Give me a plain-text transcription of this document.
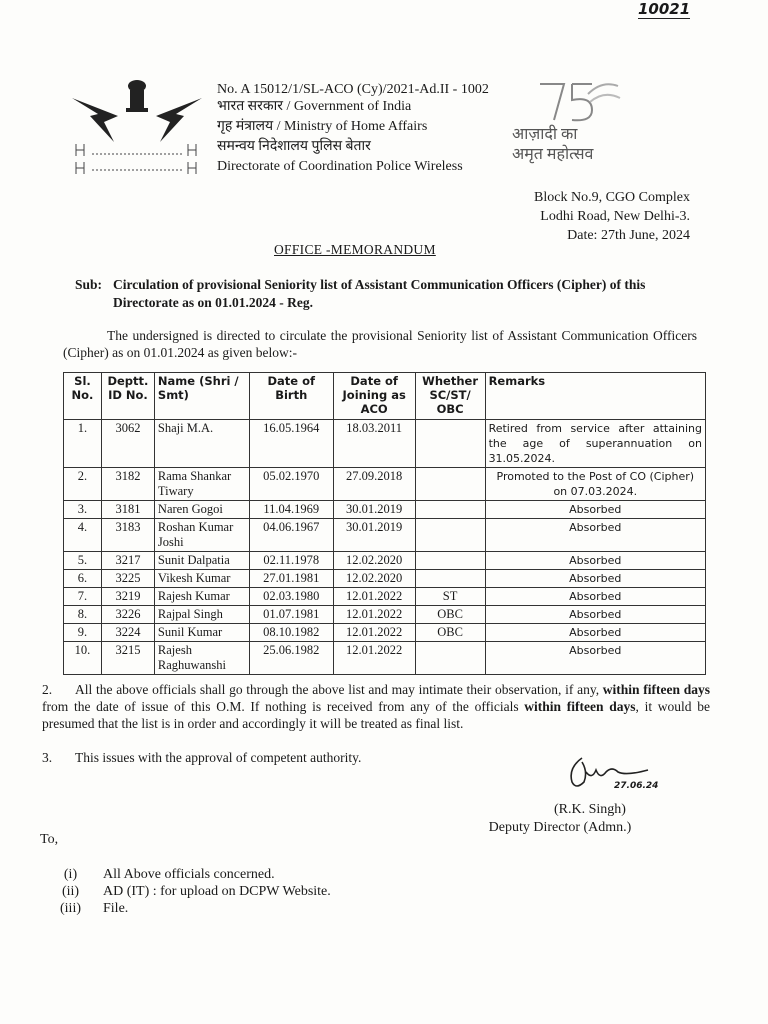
10021
No. A 15012/1/SL-ACO (Cy)/2021-Ad.II - 1002
भारत सरकार / Government of India
गृह मंत्रालय / Ministry of Home Affairs
समन्वय निदेशालय पुलिस बेतार
Directorate of Coordination Police Wireless
आज़ादी का
अमृत महोत्सव
Block No.9, CGO Complex
Lodhi Road, New Delhi-3.
Date: 27th June, 2024
OFFICE -MEMORANDUM
Sub: Circulation of provisional Seniority list of Assistant Communication Officers (Cipher) of this
Directorate as on 01.01.2024 - Reg.
The undersigned is directed to circulate the provisional Seniority list of Assistant Communication Officers (Cipher) as on 01.01.2024 as given below:-
Sl. No.	Deptt. ID No.	Name (Shri / Smt)	Date of Birth	Date of Joining as ACO	Whether SC/ST/ OBC	Remarks
1.	3062	Shaji M.A.	16.05.1964	18.03.2011		Retired from service after attaining the age of superannuation on 31.05.2024.
2.	3182	Rama Shankar Tiwary	05.02.1970	27.09.2018		Promoted to the Post of CO (Cipher) on 07.03.2024.
3.	3181	Naren Gogoi	11.04.1969	30.01.2019		Absorbed
4.	3183	Roshan Kumar Joshi	04.06.1967	30.01.2019		Absorbed
5.	3217	Sunit Dalpatia	02.11.1978	12.02.2020		Absorbed
6.	3225	Vikesh Kumar	27.01.1981	12.02.2020		Absorbed
7.	3219	Rajesh Kumar	02.03.1980	12.01.2022	ST	Absorbed
8.	3226	Rajpal Singh	01.07.1981	12.01.2022	OBC	Absorbed
9.	3224	Sunil Kumar	08.10.1982	12.01.2022	OBC	Absorbed
10.	3215	Rajesh Raghuwanshi	25.06.1982	12.01.2022		Absorbed
2. All the above officials shall go through the above list and may intimate their observation, if any, within fifteen days from the date of issue of this O.M. If nothing is received from any of the officials within fifteen days, it would be presumed that the list is in order and accordingly it will be treated as final list.
3. This issues with the approval of competent authority.
27.06.24
(R.K. Singh)
Deputy Director (Admn.)
To,
(i) All Above officials concerned.
(ii) AD (IT) : for upload on DCPW Website.
(iii) File.
